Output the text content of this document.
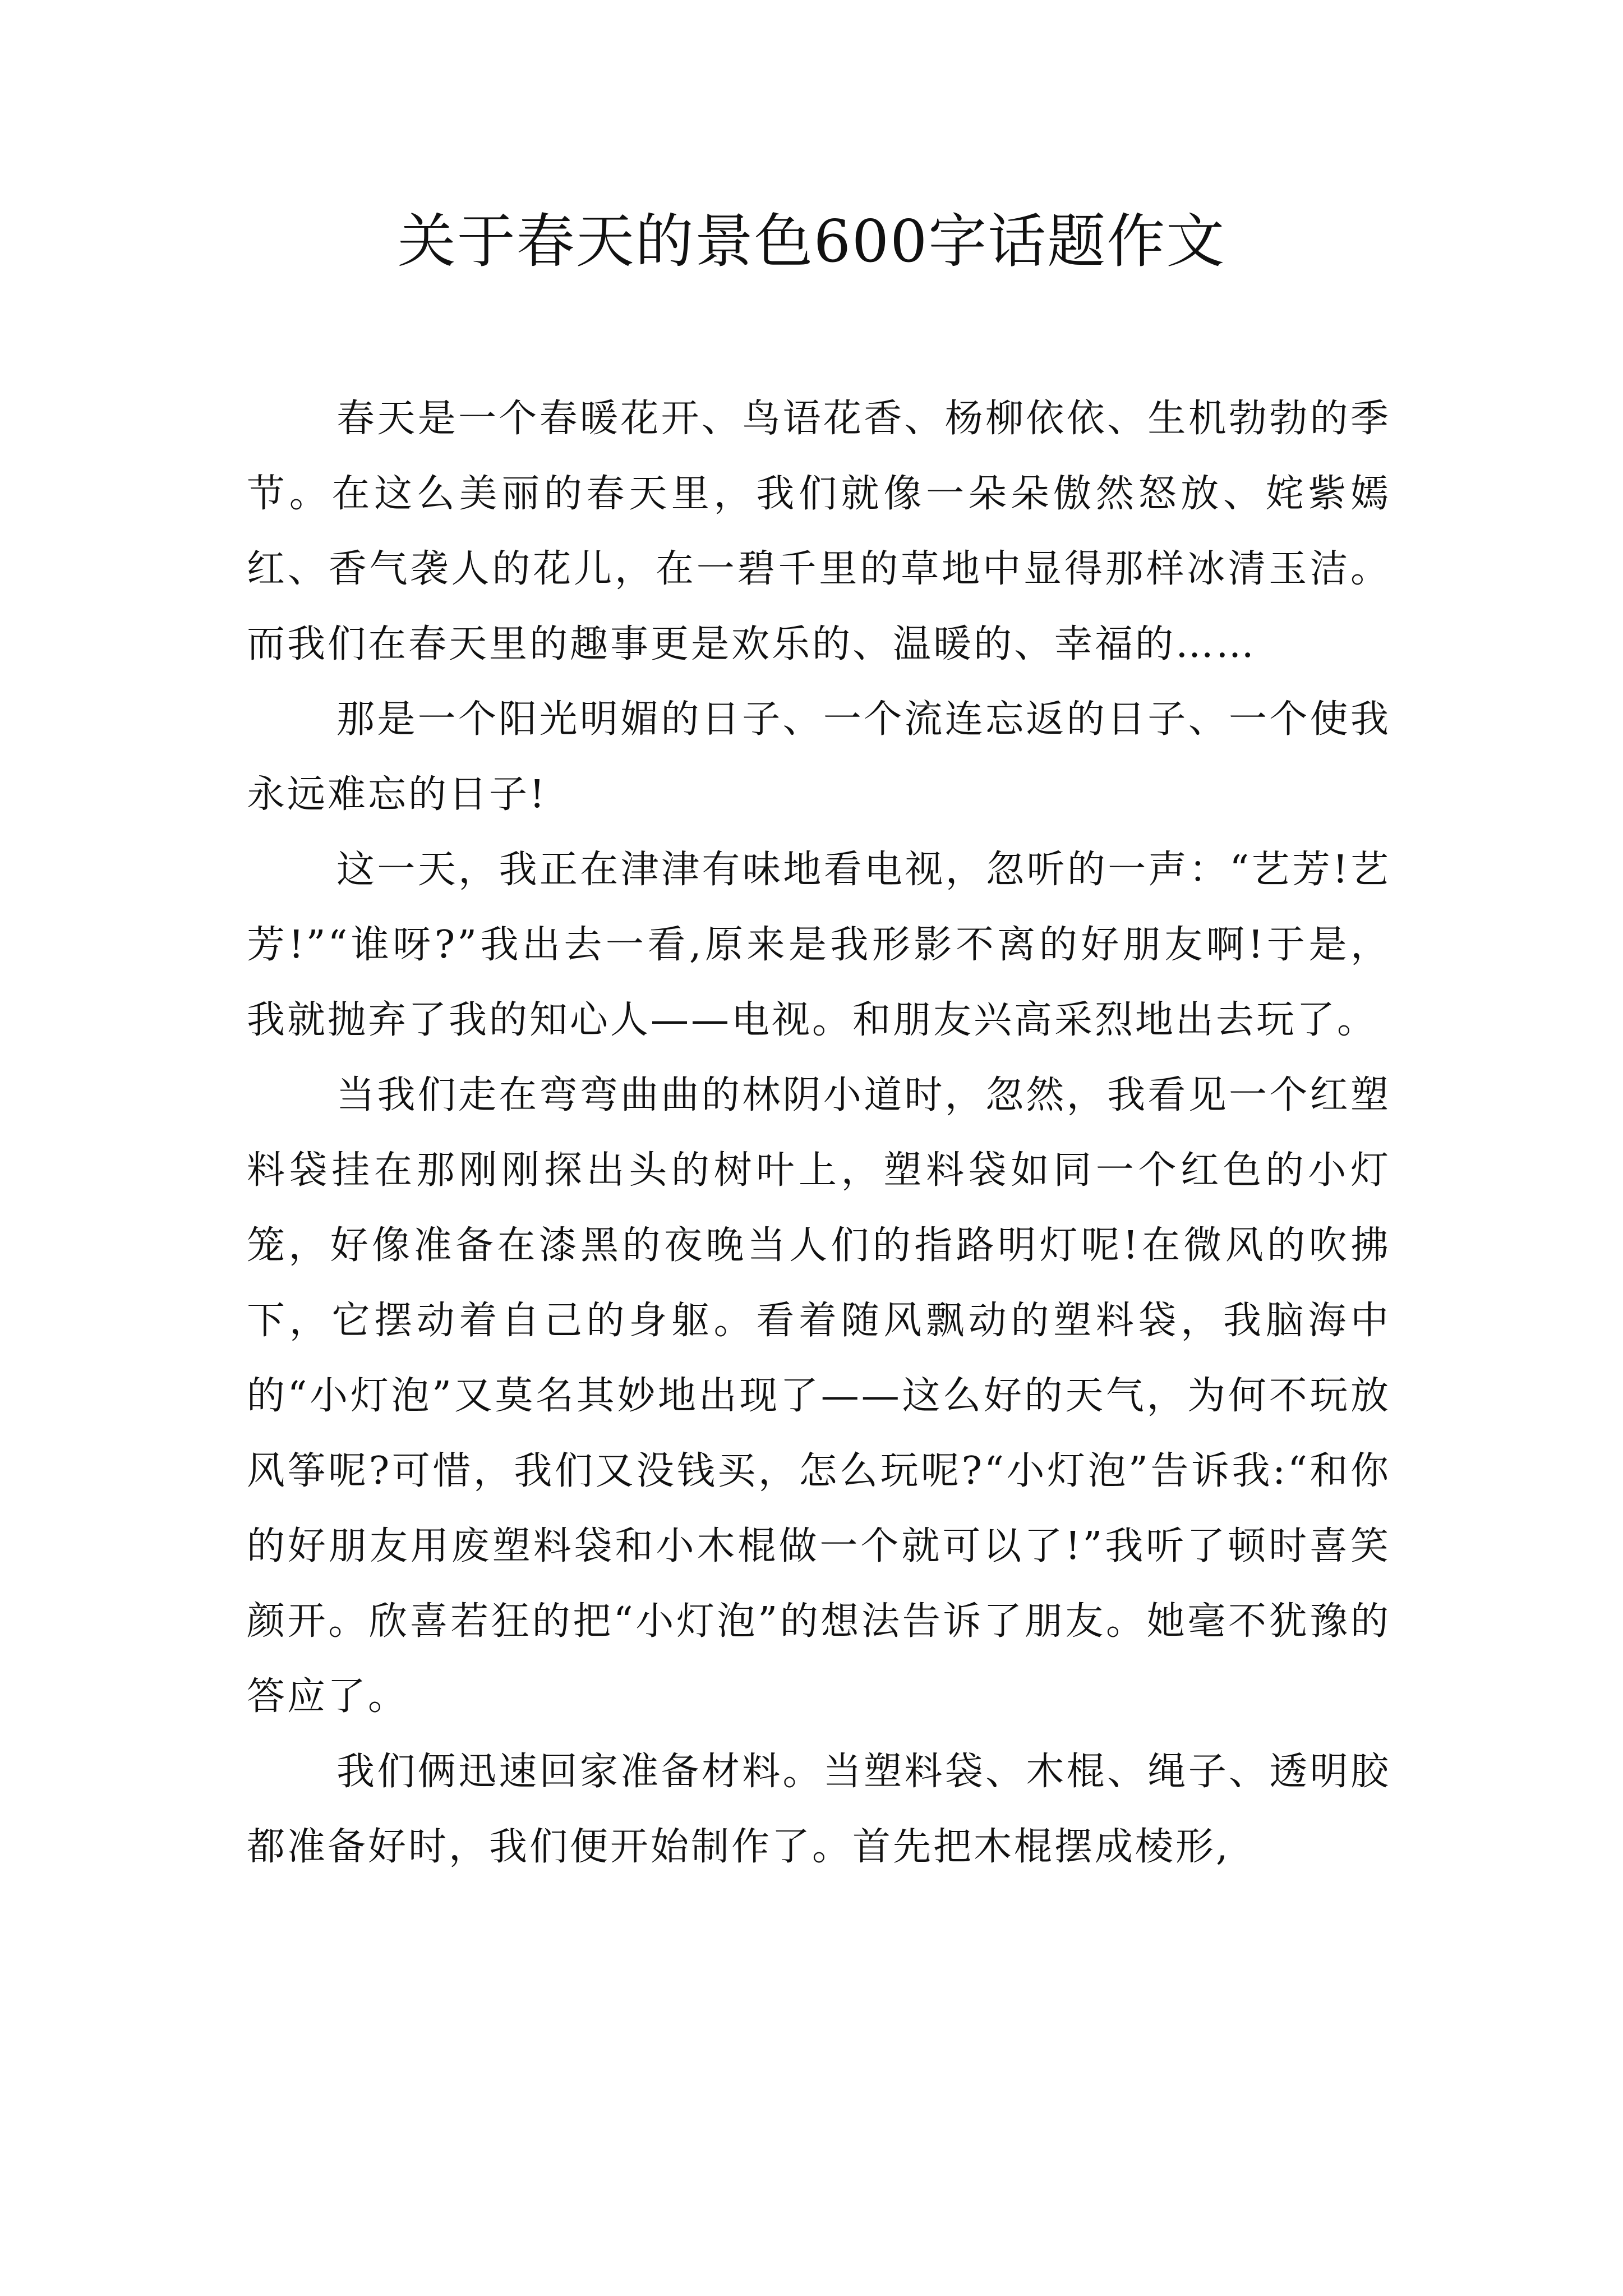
关于春天的景色600字话题作文

春天是一个春暖花开、鸟语花香、杨柳依依、生机勃勃的季节。在这么美丽的春天里，我们就像一朵朵傲然怒放、姹紫嫣红、香气袭人的花儿，在一碧千里的草地中显得那样冰清玉洁。而我们在春天里的趣事更是欢乐的、温暖的、幸福的……

那是一个阳光明媚的日子、一个流连忘返的日子、一个使我永远难忘的日子!

这一天，我正在津津有味地看电视，忽听的一声：“艺芳!艺芳!”“谁呀?”我出去一看,原来是我形影不离的好朋友啊!于是，我就抛弃了我的知心人——电视。和朋友兴高采烈地出去玩了。

当我们走在弯弯曲曲的林阴小道时，忽然，我看见一个红塑料袋挂在那刚刚探出头的树叶上，塑料袋如同一个红色的小灯笼，好像准备在漆黑的夜晚当人们的指路明灯呢!在微风的吹拂下，它摆动着自己的身躯。看着随风飘动的塑料袋，我脑海中的“小灯泡”又莫名其妙地出现了——这么好的天气，为何不玩放风筝呢?可惜，我们又没钱买，怎么玩呢?“小灯泡”告诉我:“和你的好朋友用废塑料袋和小木棍做一个就可以了!”我听了顿时喜笑颜开。欣喜若狂的把“小灯泡”的想法告诉了朋友。她毫不犹豫的答应了。

我们俩迅速回家准备材料。当塑料袋、木棍、绳子、透明胶都准备好时，我们便开始制作了。首先把木棍摆成棱形,
